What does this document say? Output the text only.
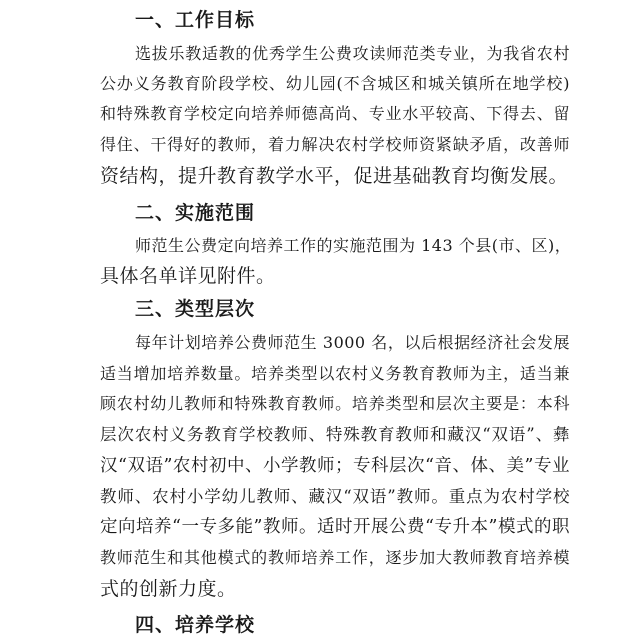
一、工作目标
选拔乐教适教的优秀学生公费攻读师范类专业，为我省农村
公办义务教育阶段学校、幼儿园(不含城区和城关镇所在地学校)
和特殊教育学校定向培养师德高尚、专业水平较高、下得去、留
得住、干得好的教师，着力解决农村学校师资紧缺矛盾，改善师
资结构，提升教育教学水平，促进基础教育均衡发展。
二、实施范围
师范生公费定向培养工作的实施范围为 143 个县(市、区)，
具体名单详见附件。
三、类型层次
每年计划培养公费师范生 3000 名，以后根据经济社会发展
适当增加培养数量。培养类型以农村义务教育教师为主，适当兼
顾农村幼儿教师和特殊教育教师。培养类型和层次主要是：本科
层次农村义务教育学校教师、特殊教育教师和藏汉“双语”、彝
汉“双语”农村初中、小学教师；专科层次“音、体、美”专业
教师、农村小学幼儿教师、藏汉“双语”教师。重点为农村学校
定向培养“一专多能”教师。适时开展公费“专升本”模式的职
教师范生和其他模式的教师培养工作，逐步加大教师教育培养模
式的创新力度。
四、培养学校
